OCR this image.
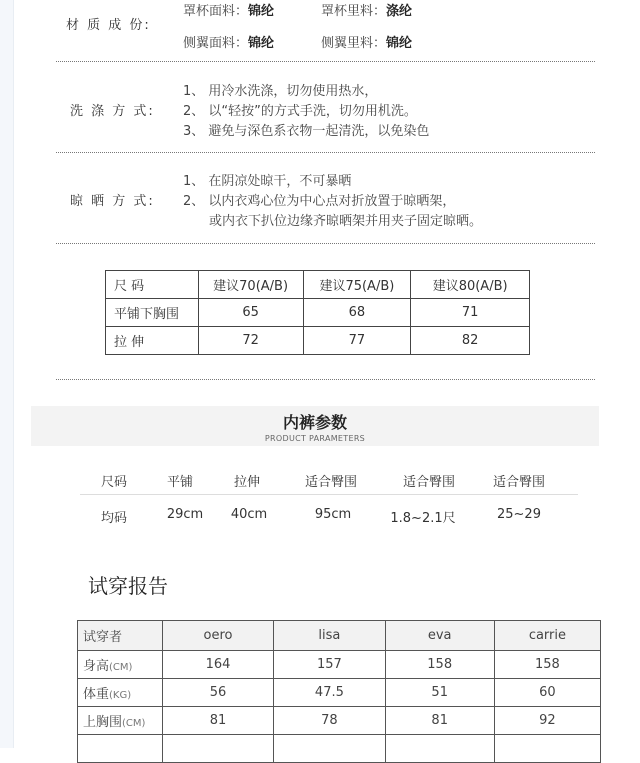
材 质 成 份:
罩杯面料：锦纶	罩杯里料：涤纶
侧翼面料：锦纶	侧翼里料：锦纶
洗 涤 方 式:
1、 用冷水洗涤，切勿使用热水，
2、 以“轻按”的方式手洗，切勿用机洗。
3、 避免与深色系衣物一起清洗，以免染色
晾 晒 方 式:
1、 在阴凉处晾干，不可暴晒
2、 以内衣鸡心位为中心点对折放置于晾晒架，
或内衣下扒位边缘齐晾晒架并用夹子固定晾晒。
尺 码	建议70(A/B)	建议75(A/B)	建议80(A/B)
平铺下胸围	65	68	71
拉 伸	72	77	82
内裤参数
PRODUCT PARAMETERS
尺码	平铺	拉伸	适合臀围	适合臀围	适合臀围
均码	29cm	40cm	95cm	1.8~2.1尺	25~29
试穿报告
试穿者	oero	lisa	eva	carrie
身高(CM)	164	157	158	158
体重(KG)	56	47.5	51	60
上胸围(CM)	81	78	81	92
